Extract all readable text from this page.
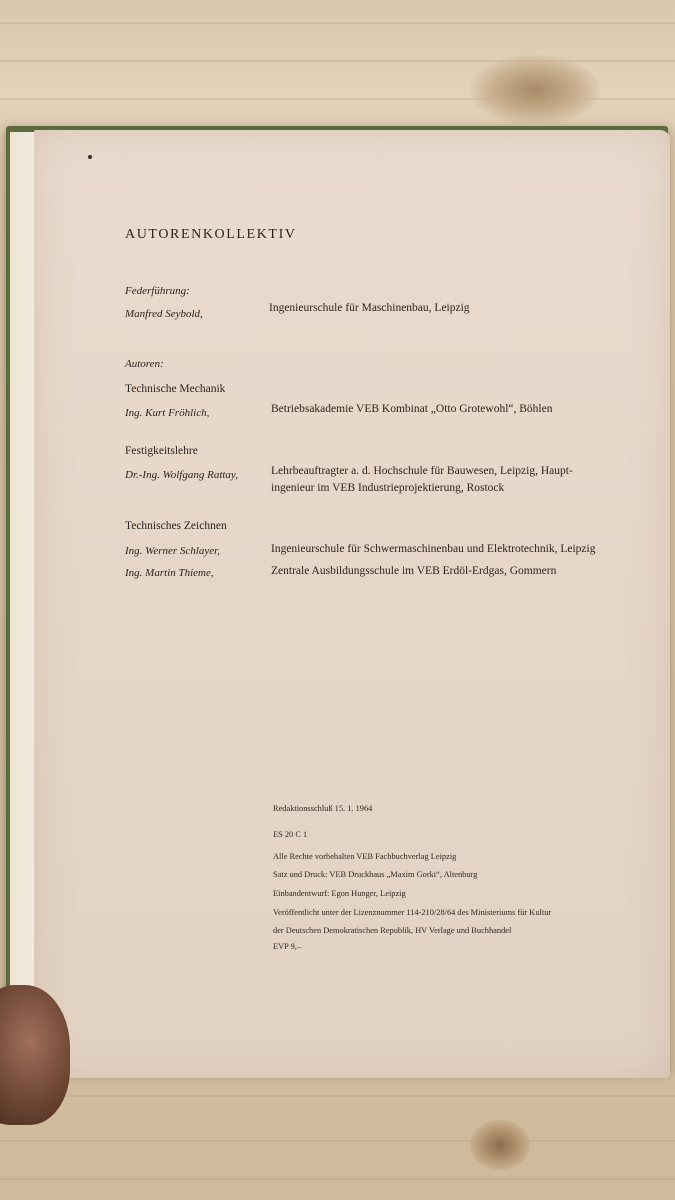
AUTORENKOLLEKTIV
Federführung:
Manfred Seybold,	Ingenieurschule für Maschinenbau, Leipzig
Autoren:
Technische Mechanik
Ing. Kurt Fröhlich,	Betriebsakademie VEB Kombinat „Otto Grotewohl“, Böhlen
Festigkeitslehre
Dr.-Ing. Wolfgang Rattay,	Lehrbeauftragter a. d. Hochschule für Bauwesen, Leipzig, Haupt-
ingenieur im VEB Industrieprojektierung, Rostock
Technisches Zeichnen
Ing. Werner Schlayer,	Ingenieurschule für Schwermaschinenbau und Elektrotechnik, Leipzig
Ing. Martin Thieme,	Zentrale Ausbildungsschule im VEB Erdöl-Erdgas, Gommern
Redaktionsschluß 15. 1. 1964
ES 20 C 1
Alle Rechte vorbehalten VEB Fachbuchverlag Leipzig
Satz und Druck: VEB Druckhaus „Maxim Gorki“, Altenburg
Einbandentwurf: Egon Hunger, Leipzig
Veröffentlicht unter der Lizenznummer 114-210/28/64 des Ministeriums für Kultur
der Deutschen Demokratischen Republik, HV Verlage und Buchhandel
EVP 9,–
